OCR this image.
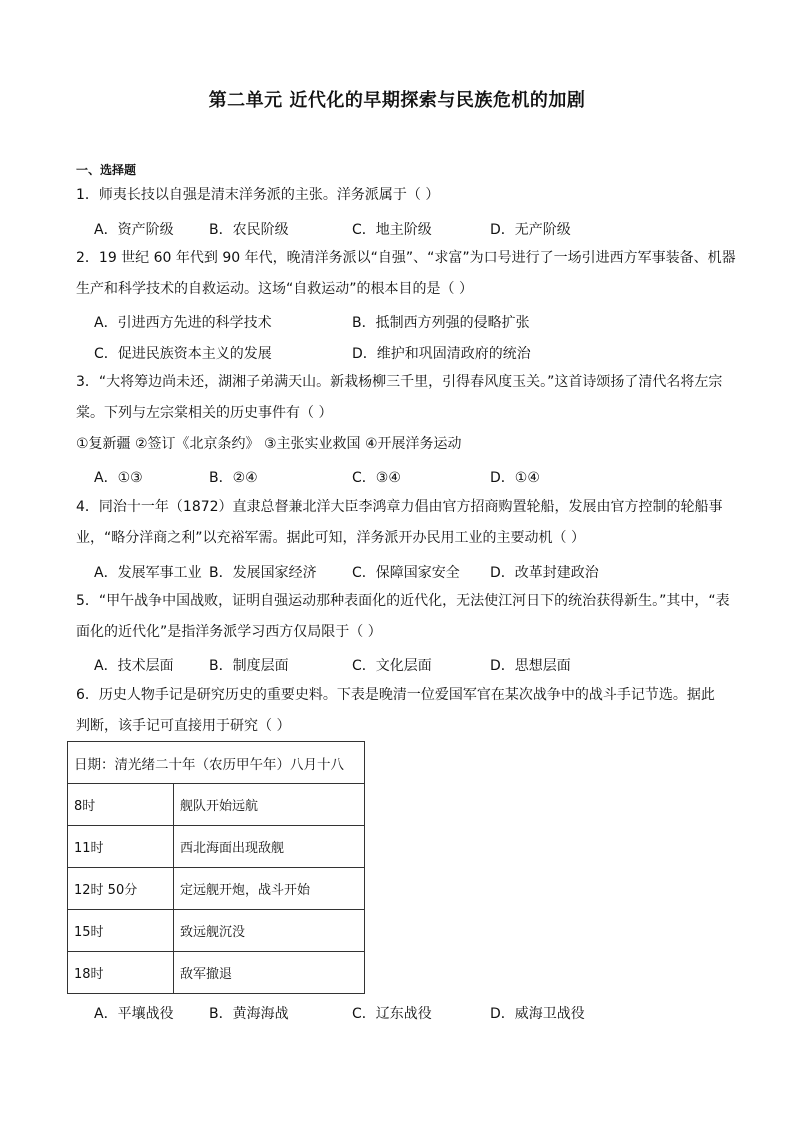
第二单元 近代化的早期探索与民族危机的加剧
一、选择题
1．师夷长技以自强是清末洋务派的主张。洋务派属于（ ）
A．资产阶级	B．农民阶级	C．地主阶级	D．无产阶级
2．19 世纪 60 年代到 90 年代，晚清洋务派以“自强”、“求富”为口号进行了一场引进西方军事装备、机器
生产和科学技术的自救运动。这场“自救运动”的根本目的是（ ）
A．引进西方先进的科学技术	B．抵制西方列强的侵略扩张
C．促进民族资本主义的发展	D．维护和巩固清政府的统治
3．“大将筹边尚未还，湖湘子弟满天山。新栽杨柳三千里，引得春风度玉关。”这首诗颂扬了清代名将左宗
棠。下列与左宗棠相关的历史事件有（ ）
①复新疆 ②签订《北京条约》 ③主张实业救国 ④开展洋务运动
A．①③	B．②④	C．③④	D．①④
4．同治十一年（1872）直隶总督兼北洋大臣李鸿章力倡由官方招商购置轮船，发展由官方控制的轮船事
业，“略分洋商之利”以充裕军需。据此可知，洋务派开办民用工业的主要动机（ ）
A．发展军事工业 B．发展国家经济	C．保障国家安全 D．改革封建政治
5．“甲午战争中国战败，证明自强运动那种表面化的近代化，无法使江河日下的统治获得新生。”其中，“表
面化的近代化”是指洋务派学习西方仅局限于（ ）
A．技术层面	B．制度层面	C．文化层面	D．思想层面
6．历史人物手记是研究历史的重要史料。下表是晚清一位爱国军官在某次战争中的战斗手记节选。据此
判断，该手记可直接用于研究（ ）
日期：清光绪二十年（农历甲午年）八月十八	
8时	舰队开始远航
11时	西北海面出现敌舰
12时 50分	定远舰开炮，战斗开始
15时	致远舰沉没
18时	敌军撤退
A．平壤战役	B．黄海海战	C．辽东战役	D．威海卫战役
